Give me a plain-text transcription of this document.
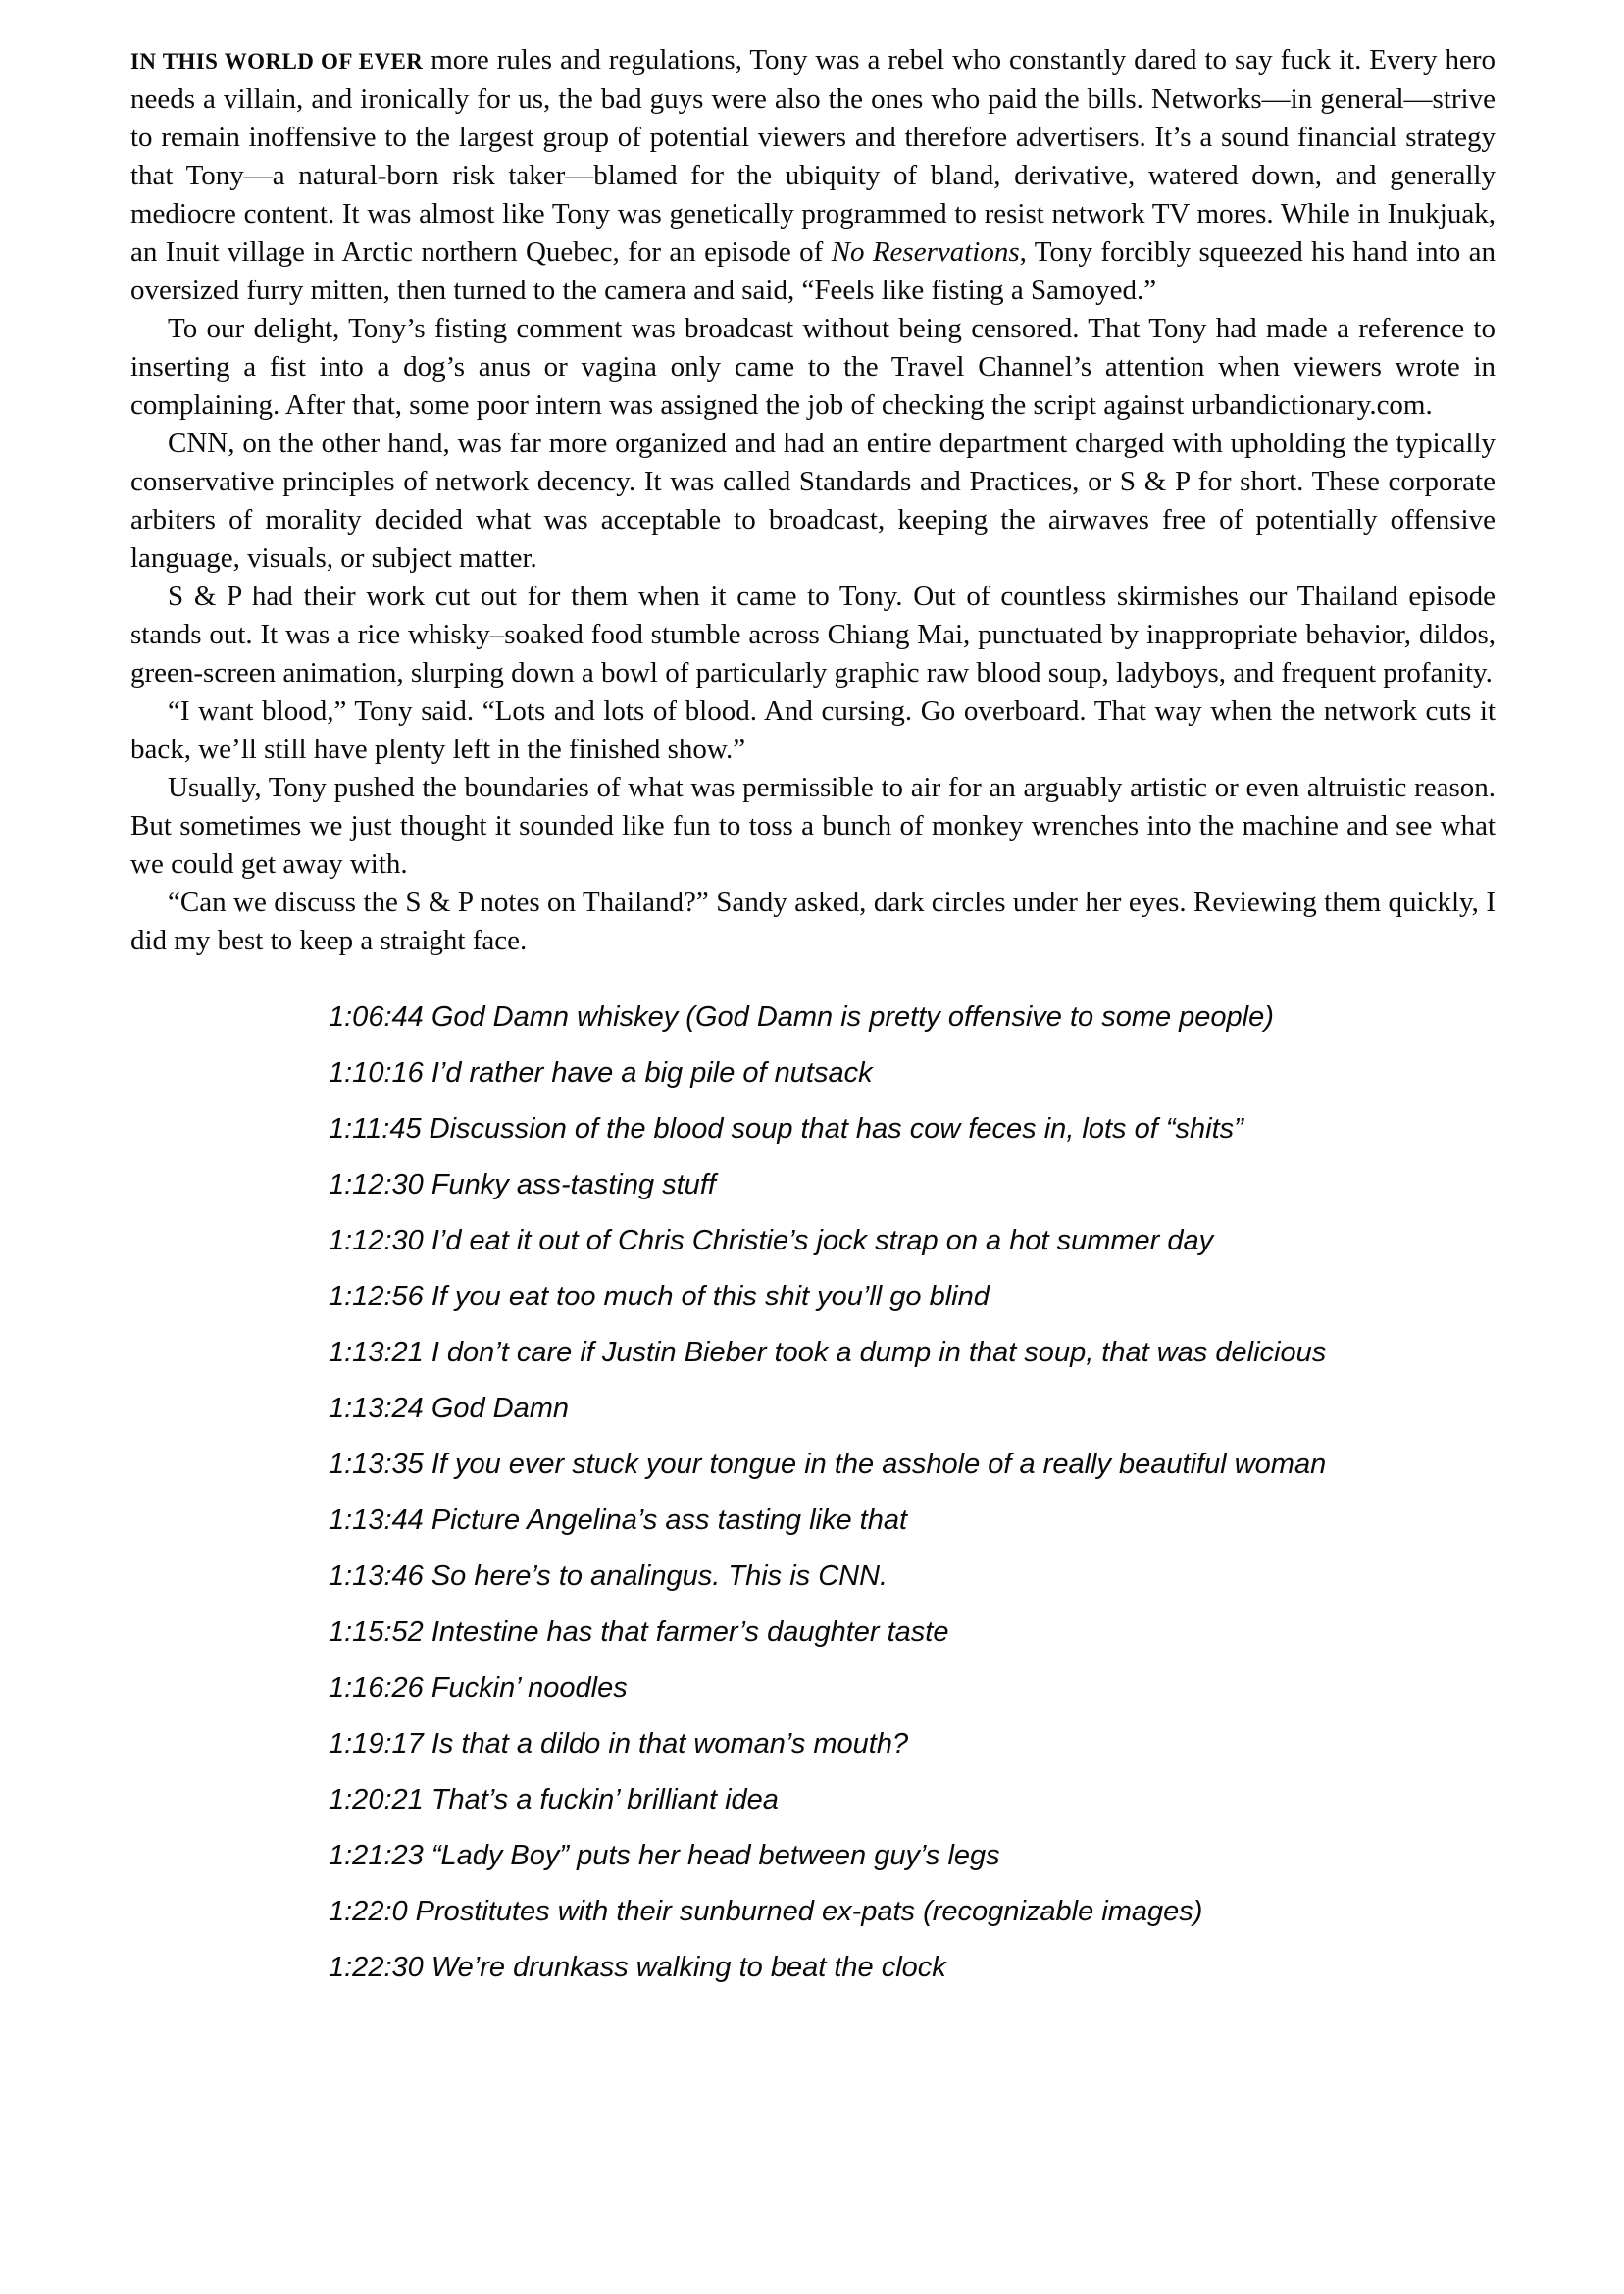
IN THIS WORLD OF EVER more rules and regulations, Tony was a rebel who constantly dared to say fuck it. Every hero needs a villain, and ironically for us, the bad guys were also the ones who paid the bills. Networks—in general—strive to remain inoffensive to the largest group of potential viewers and therefore advertisers. It’s a sound financial strategy that Tony—a natural-born risk taker—blamed for the ubiquity of bland, derivative, watered down, and generally mediocre content. It was almost like Tony was genetically programmed to resist network TV mores. While in Inukjuak, an Inuit village in Arctic northern Quebec, for an episode of No Reservations, Tony forcibly squeezed his hand into an oversized furry mitten, then turned to the camera and said, “Feels like fisting a Samoyed.”

To our delight, Tony’s fisting comment was broadcast without being censored. That Tony had made a reference to inserting a fist into a dog’s anus or vagina only came to the Travel Channel’s attention when viewers wrote in complaining. After that, some poor intern was assigned the job of checking the script against urbandictionary.com.

CNN, on the other hand, was far more organized and had an entire department charged with upholding the typically conservative principles of network decency. It was called Standards and Practices, or S & P for short. These corporate arbiters of morality decided what was acceptable to broadcast, keeping the airwaves free of potentially offensive language, visuals, or subject matter.

S & P had their work cut out for them when it came to Tony. Out of countless skirmishes our Thailand episode stands out. It was a rice whisky–soaked food stumble across Chiang Mai, punctuated by inappropriate behavior, dildos, green-screen animation, slurping down a bowl of particularly graphic raw blood soup, ladyboys, and frequent profanity.

“I want blood,” Tony said. “Lots and lots of blood. And cursing. Go overboard. That way when the network cuts it back, we’ll still have plenty left in the finished show.”

Usually, Tony pushed the boundaries of what was permissible to air for an arguably artistic or even altruistic reason. But sometimes we just thought it sounded like fun to toss a bunch of monkey wrenches into the machine and see what we could get away with.

“Can we discuss the S & P notes on Thailand?” Sandy asked, dark circles under her eyes. Reviewing them quickly, I did my best to keep a straight face.

1:06:44 God Damn whiskey (God Damn is pretty offensive to some people)
1:10:16 I’d rather have a big pile of nutsack
1:11:45 Discussion of the blood soup that has cow feces in, lots of “shits”
1:12:30 Funky ass-tasting stuff
1:12:30 I’d eat it out of Chris Christie’s jock strap on a hot summer day
1:12:56 If you eat too much of this shit you’ll go blind
1:13:21 I don’t care if Justin Bieber took a dump in that soup, that was delicious
1:13:24 God Damn
1:13:35 If you ever stuck your tongue in the asshole of a really beautiful woman
1:13:44 Picture Angelina’s ass tasting like that
1:13:46 So here’s to analingus. This is CNN.
1:15:52 Intestine has that farmer’s daughter taste
1:16:26 Fuckin’ noodles
1:19:17 Is that a dildo in that woman’s mouth?
1:20:21 That’s a fuckin’ brilliant idea
1:21:23 “Lady Boy” puts her head between guy’s legs
1:22:0 Prostitutes with their sunburned ex-pats (recognizable images)
1:22:30 We’re drunkass walking to beat the clock
